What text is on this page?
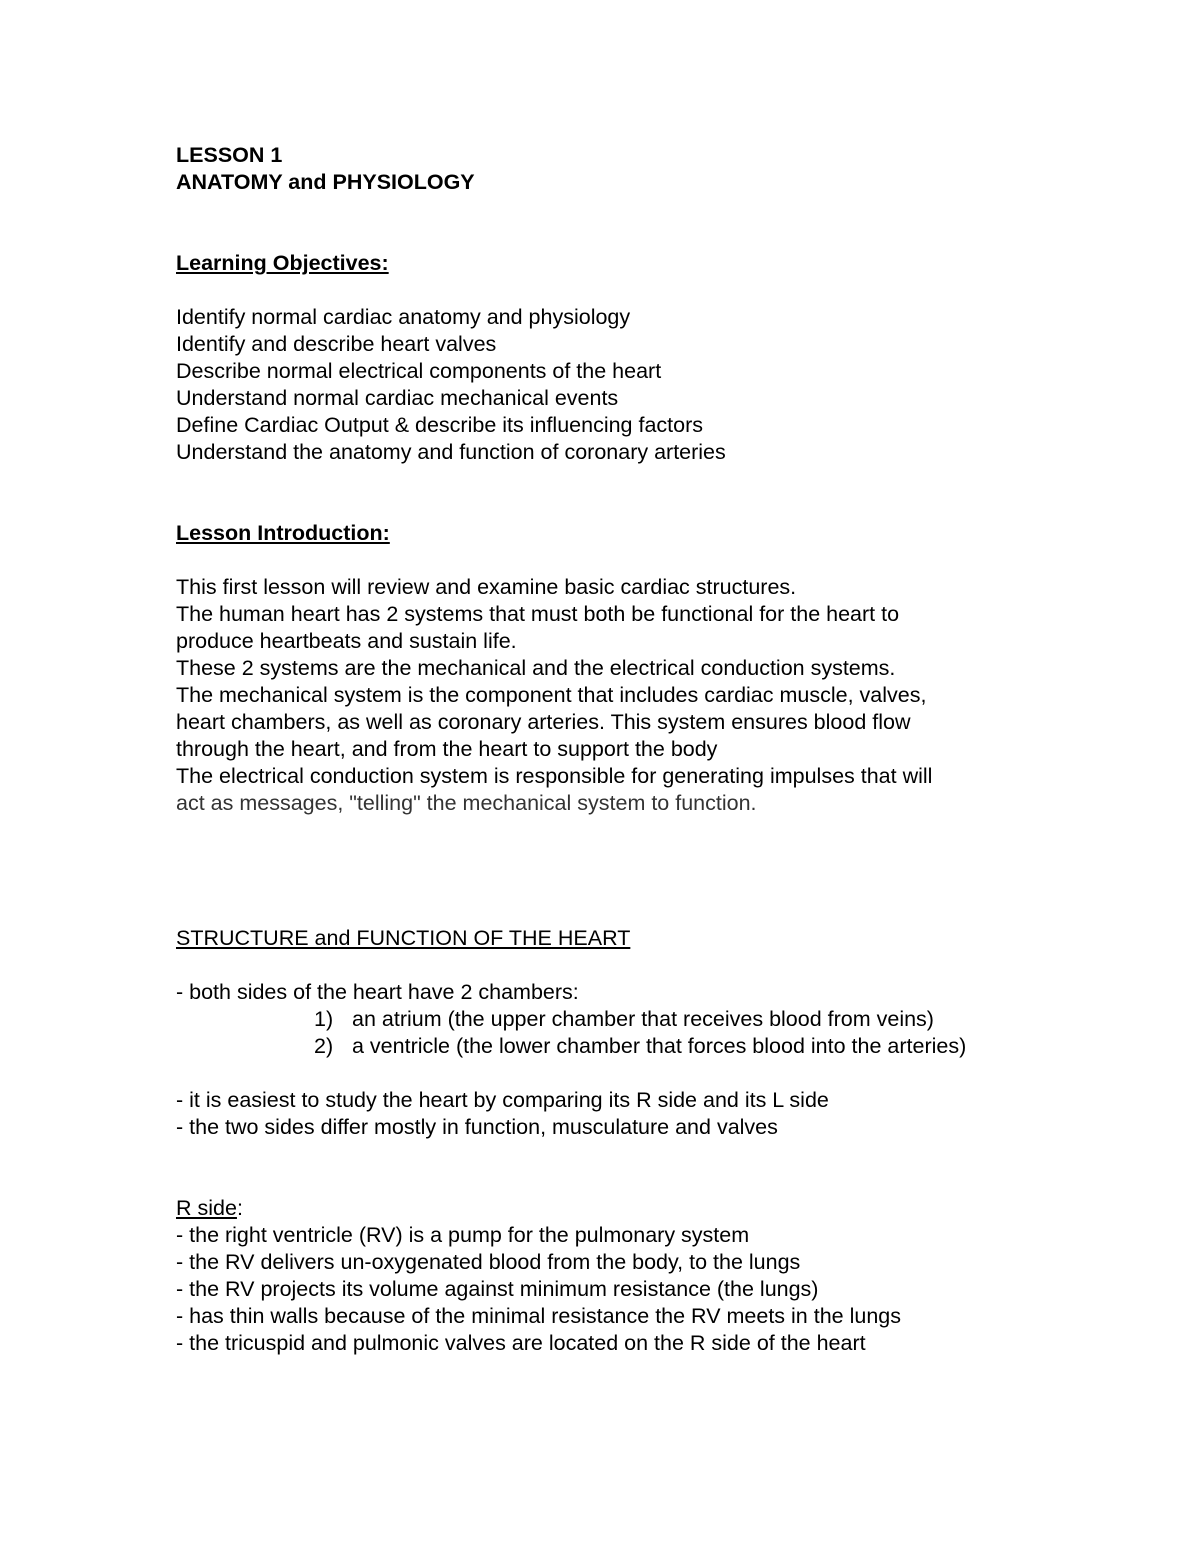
LESSON 1
ANATOMY and PHYSIOLOGY
Learning Objectives:
Identify normal cardiac anatomy and physiology
Identify and describe heart valves
Describe normal electrical components of the heart
Understand normal cardiac mechanical events
Define Cardiac Output & describe its influencing factors
Understand the anatomy and function of coronary arteries
Lesson Introduction:
This first lesson will review and examine basic cardiac structures.
The human heart has 2 systems that must both be functional for the heart to
produce heartbeats and sustain life.
These 2 systems are the mechanical and the electrical conduction systems.
The mechanical system is the component that includes cardiac muscle, valves,
heart chambers, as well as coronary arteries. This system ensures blood flow
through the heart, and from the heart to support the body
The electrical conduction system is responsible for generating impulses that will
act as messages, "telling" the mechanical system to function.
STRUCTURE and FUNCTION OF THE HEART
- both sides of the heart have 2 chambers:
1) an atrium (the upper chamber that receives blood from veins)
2) a ventricle (the lower chamber that forces blood into the arteries)
- it is easiest to study the heart by comparing its R side and its L side
- the two sides differ mostly in function, musculature and valves
R side:
- the right ventricle (RV) is a pump for the pulmonary system
- the RV delivers un-oxygenated blood from the body, to the lungs
- the RV projects its volume against minimum resistance (the lungs)
- has thin walls because of the minimal resistance the RV meets in the lungs
- the tricuspid and pulmonic valves are located on the R side of the heart
